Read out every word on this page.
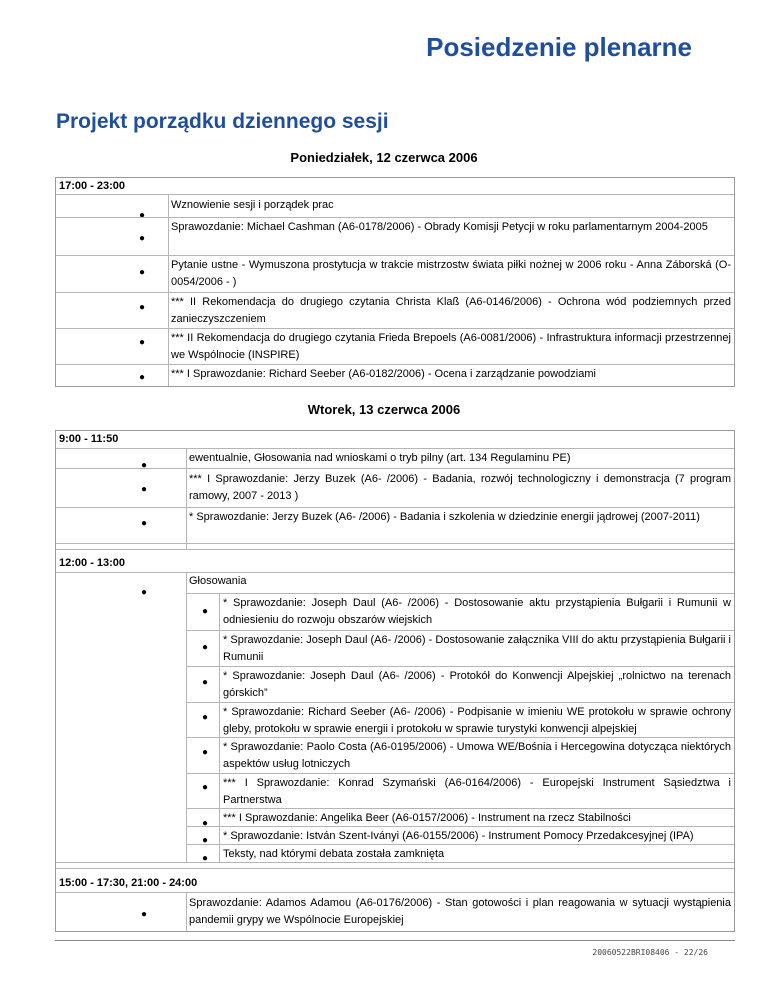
Posiedzenie plenarne
Projekt porządku dziennego sesji
Poniedziałek, 12 czerwca 2006
17:00 - 23:00
●
Wznowienie sesji i porządek prac
●
Sprawozdanie: Michael Cashman (A6-0178/2006) - Obrady Komisji Petycji w roku parlamentarnym 2004-2005
●
Pytanie ustne - Wymuszona prostytucja w trakcie mistrzostw świata piłki nożnej w 2006 roku - Anna Záborská (O-0054/2006 - )
● *** II Rekomendacja do drugiego czytania Christa Klaß (A6-0146/2006) - Ochrona wód podziemnych przed zanieczyszczeniem
● *** II Rekomendacja do drugiego czytania Frieda Brepoels (A6-0081/2006) - Infrastruktura informacji przestrzennej we Wspólnocie (INSPIRE)
● *** I Sprawozdanie: Richard Seeber (A6-0182/2006) - Ocena i zarządzanie powodziami
Wtorek, 13 czerwca 2006
9:00 - 11:50
●
ewentualnie, Głosowania nad wnioskami o tryb pilny (art. 134 Regulaminu PE)
●
*** I Sprawozdanie: Jerzy Buzek (A6- /2006) - Badania, rozwój technologiczny i demonstracja (7 program ramowy, 2007 - 2013 )
●
* Sprawozdanie: Jerzy Buzek (A6- /2006) - Badania i szkolenia w dziedzinie energii jądrowej (2007-2011)
12:00 - 13:00
●
Głosowania
●
* Sprawozdanie: Joseph Daul (A6- /2006) - Dostosowanie aktu przystąpienia Bułgarii i Rumunii w odniesieniu do rozwoju obszarów wiejskich
●
* Sprawozdanie: Joseph Daul (A6- /2006) - Dostosowanie załącznika VIII do aktu przystąpienia Bułgarii i Rumunii
●
* Sprawozdanie: Joseph Daul (A6- /2006) - Protokół do Konwencji Alpejskiej „rolnictwo na terenach górskich”
● * Sprawozdanie: Richard Seeber (A6- /2006) - Podpisanie w imieniu WE protokołu w sprawie ochrony gleby, protokołu w sprawie energii i protokołu w sprawie turystyki konwencji alpejskiej
● * Sprawozdanie: Paolo Costa (A6-0195/2006) - Umowa WE/Bośnia i Hercegowina dotycząca niektórych aspektów usług lotniczych
● *** I Sprawozdanie: Konrad Szymański (A6-0164/2006) - Europejski Instrument Sąsiedztwa i Partnerstwa
● *** I Sprawozdanie: Angelika Beer (A6-0157/2006) - Instrument na rzecz Stabilności
● * Sprawozdanie: István Szent-Iványi (A6-0155/2006) - Instrument Pomocy Przedakcesyjnej (IPA)
● Teksty, nad którymi debata została zamknięta
15:00 - 17:30, 21:00 - 24:00
●
Sprawozdanie: Adamos Adamou (A6-0176/2006) - Stan gotowości i plan reagowania w sytuacji wystąpienia pandemii grypy we Wspólnocie Europejskiej
20060522BRI08406 - 22/26
